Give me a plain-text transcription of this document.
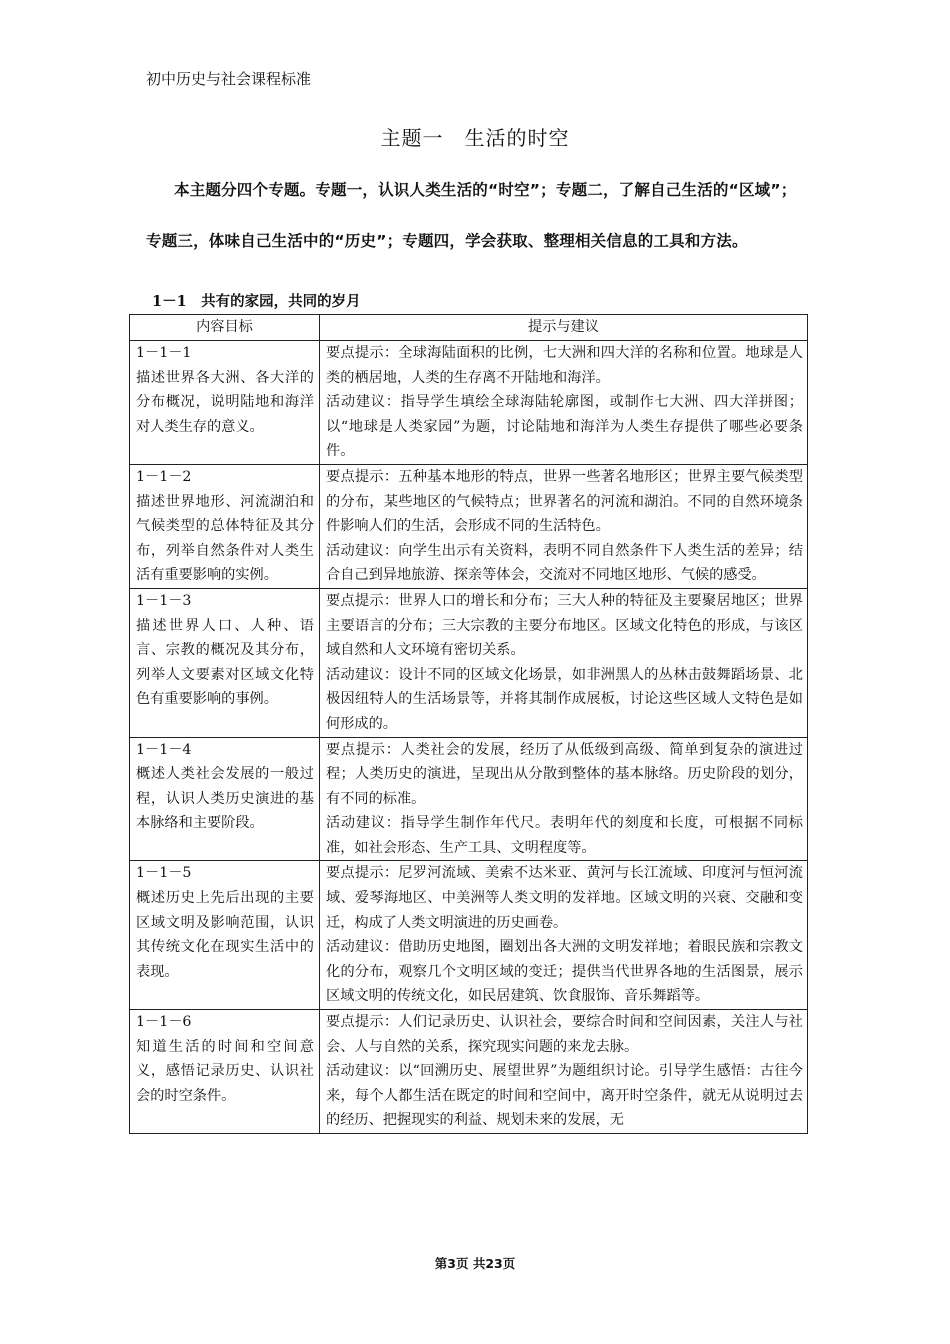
初中历史与社会课程标准
主题一　生活的时空
本主题分四个专题。专题一，认识人类生活的“时空”；专题二，了解自己生活的“区域”；
专题三，体味自己生活中的“历史”；专题四，学会获取、整理相关信息的工具和方法。
1－1　共有的家园，共同的岁月
内容目标	提示与建议

1－1－1
描述世界各大洲、各大洋的分布概况，说明陆地和海洋对人类生存的意义。	要点提示：全球海陆面积的比例，七大洲和四大洋的名称和位置。地球是人类的栖居地，人类的生存离不开陆地和海洋。
活动建议：指导学生填绘全球海陆轮廓图，或制作七大洲、四大洋拼图；以“地球是人类家园”为题，讨论陆地和海洋为人类生存提供了哪些必要条件。

1－1－2
描述世界地形、河流湖泊和气候类型的总体特征及其分布，列举自然条件对人类生活有重要影响的实例。	要点提示：五种基本地形的特点，世界一些著名地形区；世界主要气候类型的分布，某些地区的气候特点；世界著名的河流和湖泊。不同的自然环境条件影响人们的生活，会形成不同的生活特色。
活动建议：向学生出示有关资料，表明不同自然条件下人类生活的差异；结合自己到异地旅游、探亲等体会，交流对不同地区地形、气候的感受。

1－1－3
描述世界人口、人种、语言、宗教的概况及其分布，列举人文要素对区域文化特色有重要影响的事例。	要点提示：世界人口的增长和分布；三大人种的特征及主要聚居地区；世界主要语言的分布；三大宗教的主要分布地区。区域文化特色的形成，与该区域自然和人文环境有密切关系。
活动建议：设计不同的区域文化场景，如非洲黑人的丛林击鼓舞蹈场景、北极因纽特人的生活场景等，并将其制作成展板，讨论这些区域人文特色是如何形成的。

1－1－4
概述人类社会发展的一般过程，认识人类历史演进的基本脉络和主要阶段。	要点提示：人类社会的发展，经历了从低级到高级、简单到复杂的演进过程；人类历史的演进，呈现出从分散到整体的基本脉络。历史阶段的划分，有不同的标准。
活动建议：指导学生制作年代尺。表明年代的刻度和长度，可根据不同标准，如社会形态、生产工具、文明程度等。

1－1－5
概述历史上先后出现的主要区域文明及影响范围，认识其传统文化在现实生活中的表现。	要点提示：尼罗河流域、美索不达米亚、黄河与长江流域、印度河与恒河流域、爱琴海地区、中美洲等人类文明的发祥地。区域文明的兴衰、交融和变迁，构成了人类文明演进的历史画卷。
活动建议：借助历史地图，圈划出各大洲的文明发祥地；着眼民族和宗教文化的分布，观察几个文明区域的变迁；提供当代世界各地的生活图景，展示区域文明的传统文化，如民居建筑、饮食服饰、音乐舞蹈等。

1－1－6
知道生活的时间和空间意义，感悟记录历史、认识社会的时空条件。	要点提示：人们记录历史、认识社会，要综合时间和空间因素，关注人与社会、人与自然的关系，探究现实问题的来龙去脉。
活动建议：以“回溯历史、展望世界”为题组织讨论。引导学生感悟：古往今来，每个人都生活在既定的时间和空间中，离开时空条件，就无从说明过去的经历、把握现实的利益、规划未来的发展，无
第3页 共23页
